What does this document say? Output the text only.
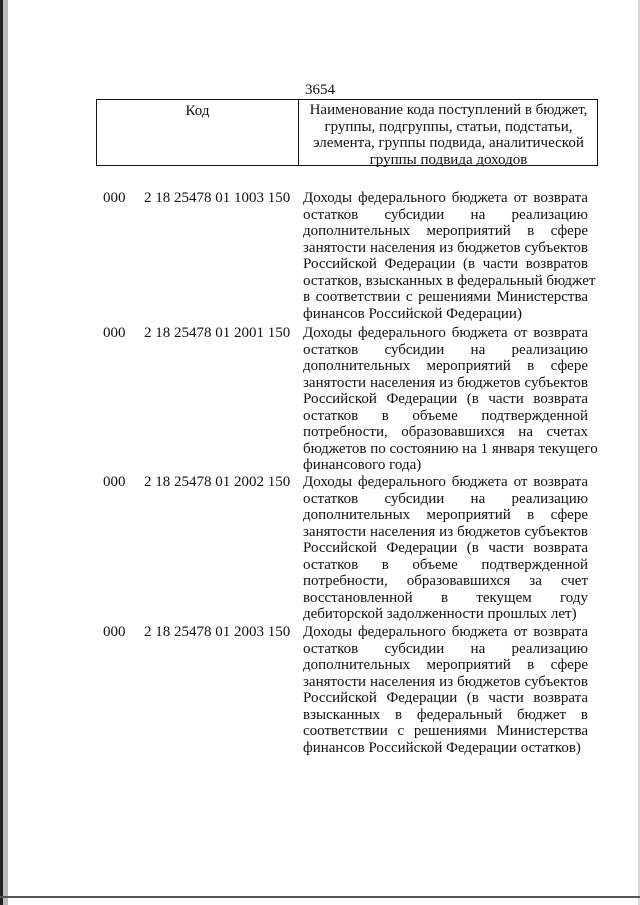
3654
Код	Наименование кода поступлений в бюджет,
группы, подгруппы, статьи, подстатьи,
элемента, группы подвида, аналитической
группы подвида доходов
000 2 18 25478 01 1003 150 Доходы федерального бюджета от возврата
остатков субсидии на реализацию
дополнительных мероприятий в сфере
занятости населения из бюджетов субъектов
Российской Федерации (в части возвратов
остатков, взысканных в федеральный бюджет
в соответствии с решениями Министерства
финансов Российской Федерации)
000 2 18 25478 01 2001 150 Доходы федерального бюджета от возврата
остатков субсидии на реализацию
дополнительных мероприятий в сфере
занятости населения из бюджетов субъектов
Российской Федерации (в части возврата
остатков в объеме подтвержденной
потребности, образовавшихся на счетах
бюджетов по состоянию на 1 января текущего
финансового года)
000 2 18 25478 01 2002 150 Доходы федерального бюджета от возврата
остатков субсидии на реализацию
дополнительных мероприятий в сфере
занятости населения из бюджетов субъектов
Российской Федерации (в части возврата
остатков в объеме подтвержденной
потребности, образовавшихся за счет
восстановленной в текущем году
дебиторской задолженности прошлых лет)
000 2 18 25478 01 2003 150 Доходы федерального бюджета от возврата
остатков субсидии на реализацию
дополнительных мероприятий в сфере
занятости населения из бюджетов субъектов
Российской Федерации (в части возврата
взысканных в федеральный бюджет в
соответствии с решениями Министерства
финансов Российской Федерации остатков)
